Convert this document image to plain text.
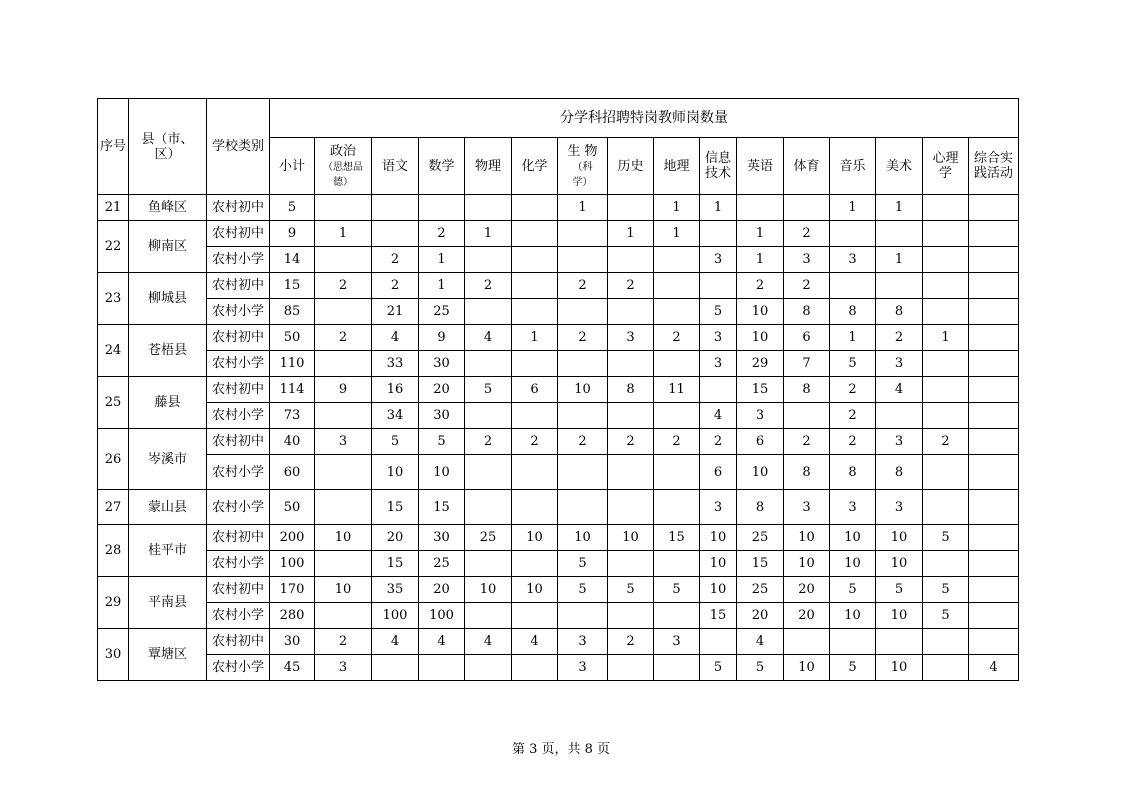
序号	县（市、
区）	学校类别	分学科招聘特岗教师岗数量															
			小计	政治
（思想品
德）	语文	数学	物理	化学	生 物
（科
学）	历史	地理	信息
技术	英语	体育	音乐	美术	心理
学	综合实
践活动
21	鱼峰区	农村初中	5						1		1	1			1	1		
22	柳南区	农村初中	9	1		2	1			1	1		1	2				
		农村小学	14		2	1						3	1	3	3	1		
23	柳城县	农村初中	15	2	2	1	2		2	2			2	2				
		农村小学	85		21	25						5	10	8	8	8		
24	苍梧县	农村初中	50	2	4	9	4	1	2	3	2	3	10	6	1	2	1	
		农村小学	110		33	30						3	29	7	5	3		
25	藤县	农村初中	114	9	16	20	5	6	10	8	11		15	8	2	4		
		农村小学	73		34	30						4	3		2			
26	岑溪市	农村初中	40	3	5	5	2	2	2	2	2	2	6	2	2	3	2	
		农村小学	60		10	10						6	10	8	8	8		
27	蒙山县	农村小学	50		15	15						3	8	3	3	3		
28	桂平市	农村初中	200	10	20	30	25	10	10	10	15	10	25	10	10	10	5	
		农村小学	100		15	25			5			10	15	10	10	10		
29	平南县	农村初中	170	10	35	20	10	10	5	5	5	10	25	20	5	5	5	
		农村小学	280		100	100						15	20	20	10	10	5	
30	覃塘区	农村初中	30	2	4	4	4	4	3	2	3		4					
		农村小学	45	3					3			5	5	10	5	10		4
第 3 页，共 8 页
